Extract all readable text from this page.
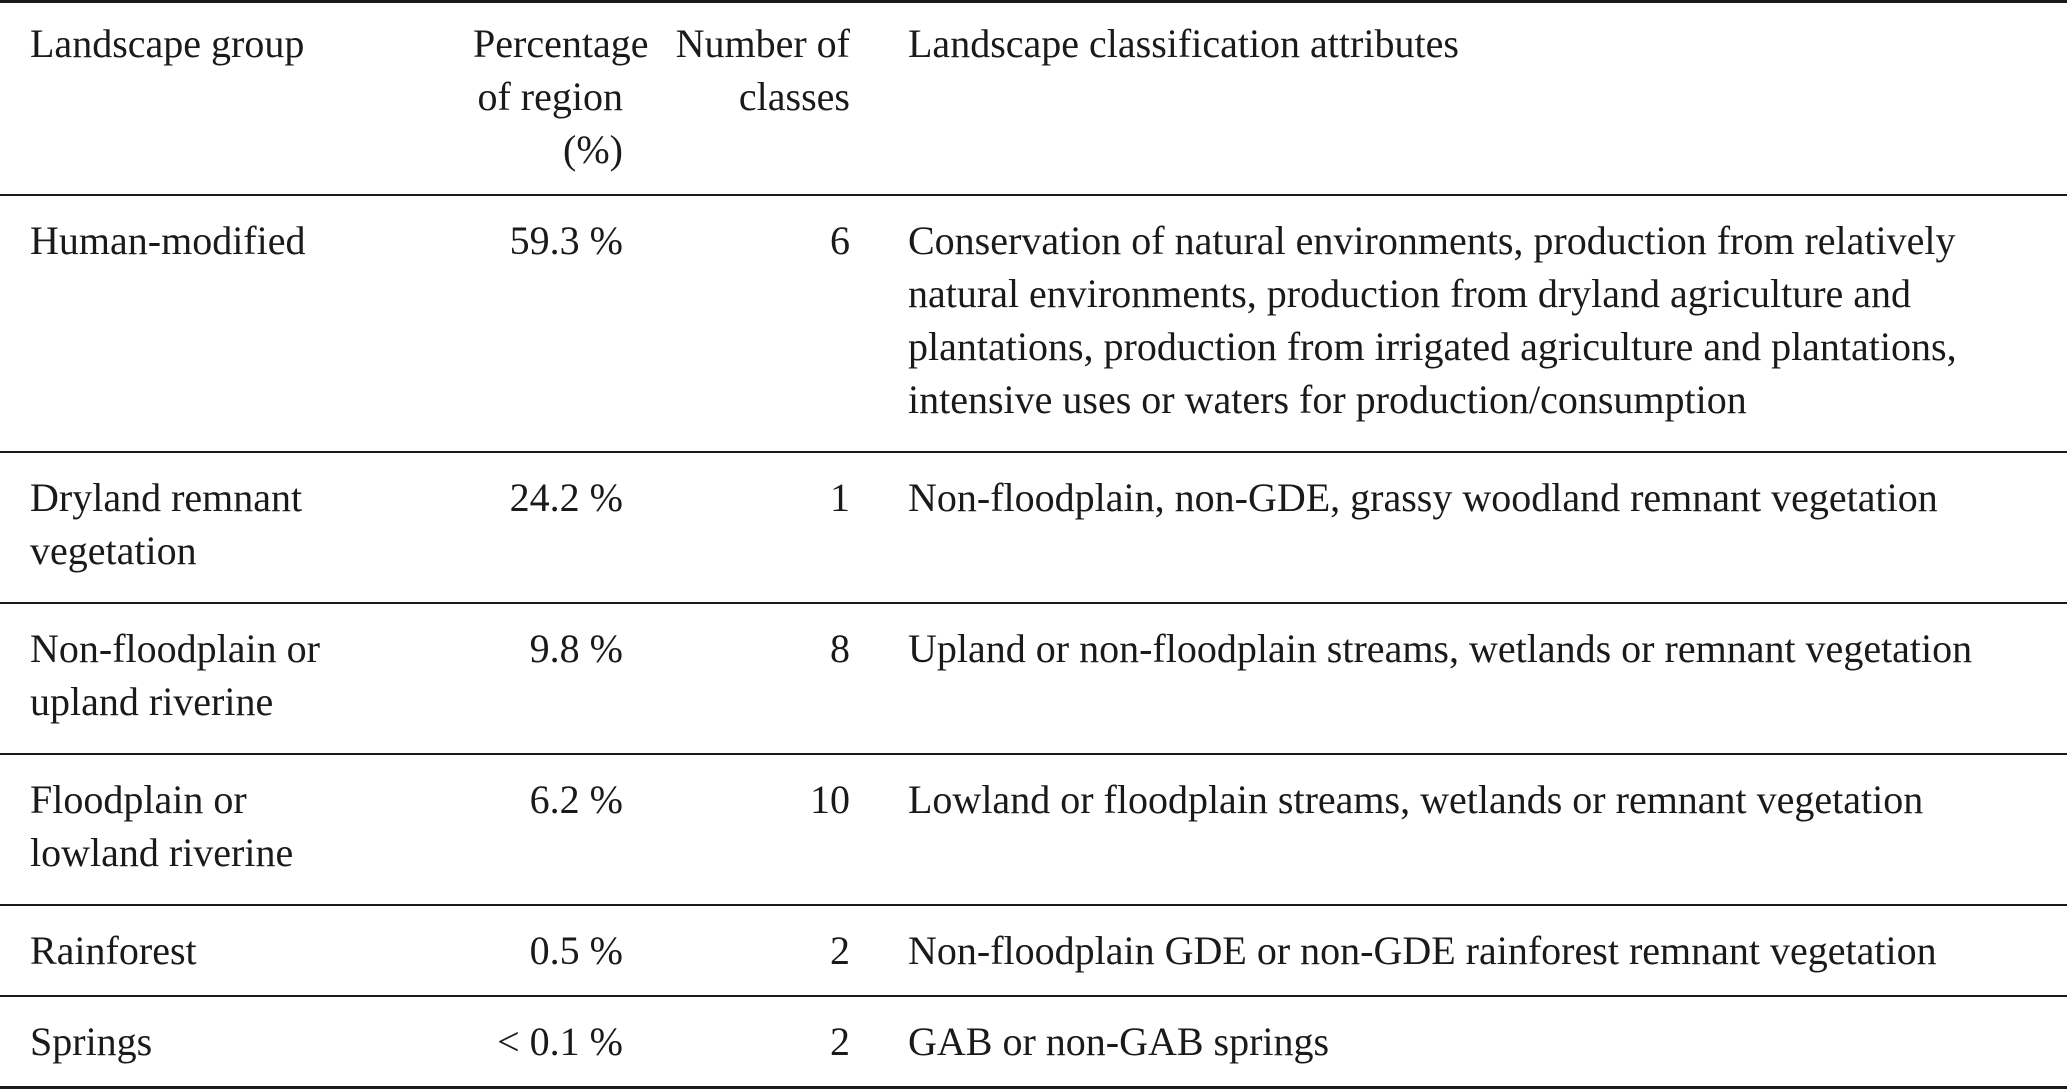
Landscape group	Percentage of region (%)	Number of classes	Landscape classification attributes
Human-modified	59.3 %	6	Conservation of natural environments, production from relatively natural environments, production from dryland agriculture and plantations, production from irrigated agriculture and plantations, intensive uses or waters for production/consumption
Dryland remnant vegetation	24.2 %	1	Non-floodplain, non-GDE, grassy woodland remnant vegetation
Non-floodplain or upland riverine	9.8 %	8	Upland or non-floodplain streams, wetlands or remnant vegetation
Floodplain or lowland riverine	6.2 %	10	Lowland or floodplain streams, wetlands or remnant vegetation
Rainforest	0.5 %	2	Non-floodplain GDE or non-GDE rainforest remnant vegetation
Springs	< 0.1 %	2	GAB or non-GAB springs
